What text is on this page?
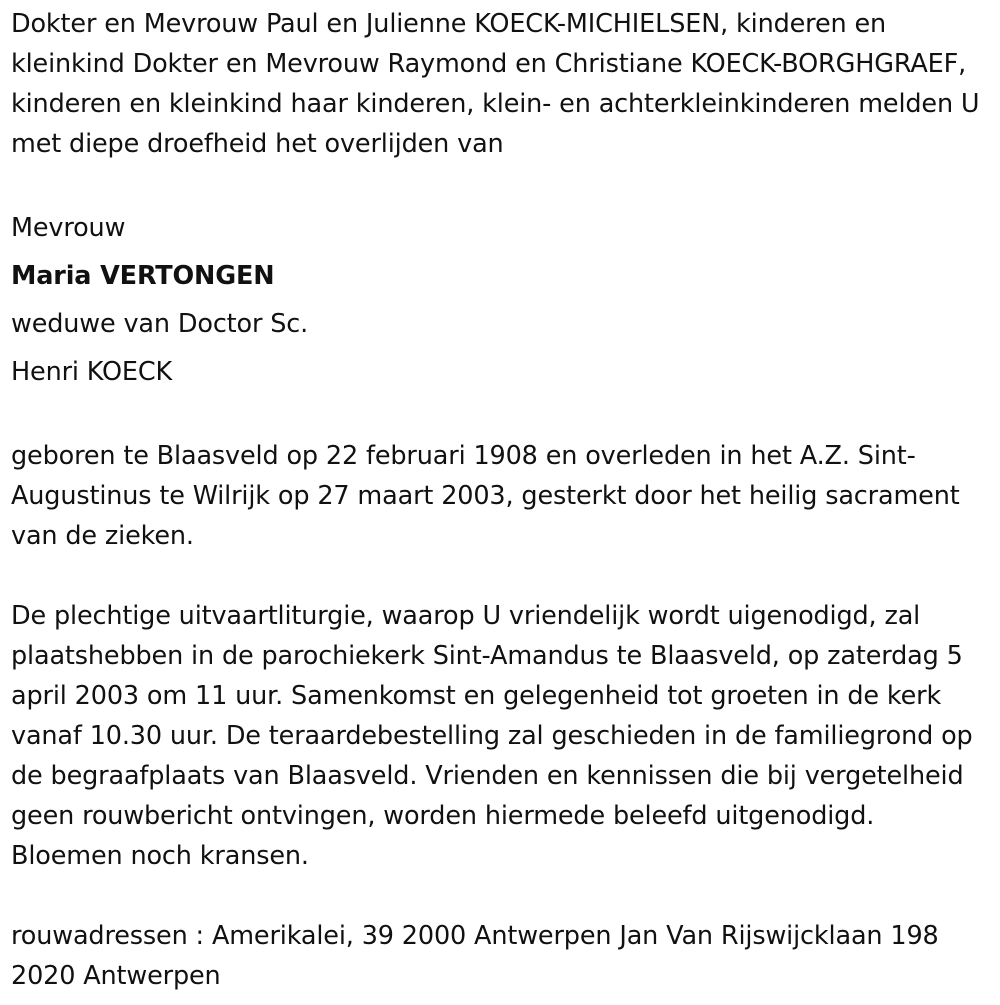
Dokter en Mevrouw Paul en Julienne KOECK-MICHIELSEN, kinderen en kleinkind Dokter en Mevrouw Raymond en Christiane KOECK-BORGHGRAEF, kinderen en kleinkind haar kinderen, klein- en achterkleinkinderen melden U met diepe droefheid het overlijden van

Mevrouw
Maria VERTONGEN
weduwe van Doctor Sc.
Henri KOECK

geboren te Blaasveld op 22 februari 1908 en overleden in het A.Z. Sint-Augustinus te Wilrijk op 27 maart 2003, gesterkt door het heilig sacrament van de zieken.

De plechtige uitvaartliturgie, waarop U vriendelijk wordt uigenodigd, zal plaatshebben in de parochiekerk Sint-Amandus te Blaasveld, op zaterdag 5 april 2003 om 11 uur. Samenkomst en gelegenheid tot groeten in de kerk vanaf 10.30 uur. De teraardebestelling zal geschieden in de familiegrond op de begraafplaats van Blaasveld. Vrienden en kennissen die bij vergetelheid geen rouwbericht ontvingen, worden hiermede beleefd uitgenodigd. Bloemen noch kransen.

rouwadressen : Amerikalei, 39 2000 Antwerpen Jan Van Rijswijcklaan 198 2020 Antwerpen
